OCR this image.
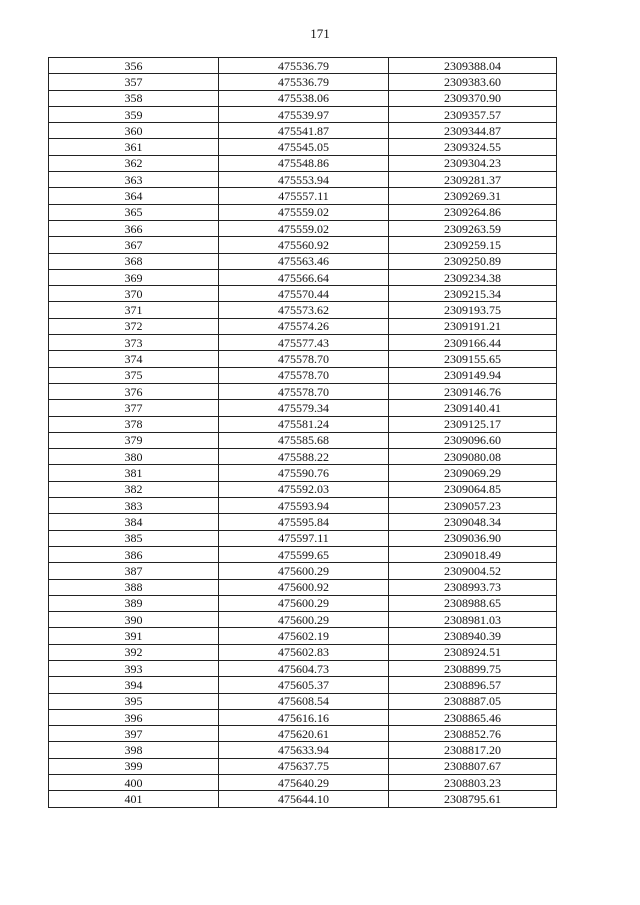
171
356	475536.79	2309388.04
357	475536.79	2309383.60
358	475538.06	2309370.90
359	475539.97	2309357.57
360	475541.87	2309344.87
361	475545.05	2309324.55
362	475548.86	2309304.23
363	475553.94	2309281.37
364	475557.11	2309269.31
365	475559.02	2309264.86
366	475559.02	2309263.59
367	475560.92	2309259.15
368	475563.46	2309250.89
369	475566.64	2309234.38
370	475570.44	2309215.34
371	475573.62	2309193.75
372	475574.26	2309191.21
373	475577.43	2309166.44
374	475578.70	2309155.65
375	475578.70	2309149.94
376	475578.70	2309146.76
377	475579.34	2309140.41
378	475581.24	2309125.17
379	475585.68	2309096.60
380	475588.22	2309080.08
381	475590.76	2309069.29
382	475592.03	2309064.85
383	475593.94	2309057.23
384	475595.84	2309048.34
385	475597.11	2309036.90
386	475599.65	2309018.49
387	475600.29	2309004.52
388	475600.92	2308993.73
389	475600.29	2308988.65
390	475600.29	2308981.03
391	475602.19	2308940.39
392	475602.83	2308924.51
393	475604.73	2308899.75
394	475605.37	2308896.57
395	475608.54	2308887.05
396	475616.16	2308865.46
397	475620.61	2308852.76
398	475633.94	2308817.20
399	475637.75	2308807.67
400	475640.29	2308803.23
401	475644.10	2308795.61
